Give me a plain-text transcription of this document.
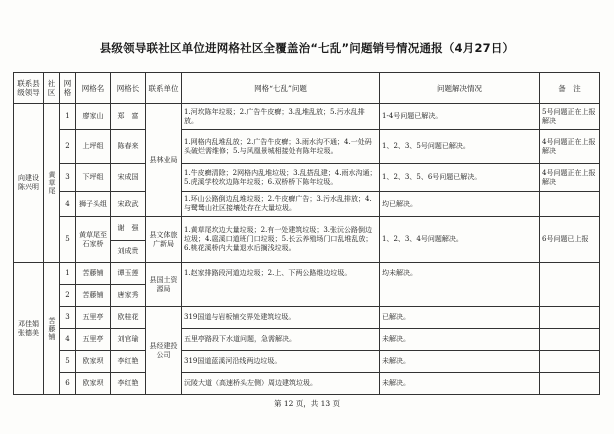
县级领导联社区单位进网格社区全覆盖治“七乱”问题销号情况通报（4月27日）
联系县级领导	社区	网格	网格名	网格长	联系单位	网格“七乱”问题	问题解决情况	备　注
向建设陈兴明	黄草尾	1	廖家山	郑　富	县林业局	1.河坎陈年垃圾；2.广告牛皮癣；3.乱堆乱放；5.污水乱排放。	1-4号问题已解决。	5号问题正在上报解决
		2	上坪组	陈春来		1.网格内乱堆乱放；2.广告牛皮癣；3.雨水沟不通；4.一处码头破烂需维修；5.与风凰景城相接处有陈年垃圾。	1、2、3、5号问题已解决。	4号问题正在上报解决
		3	下坪组	宋成国		1.牛皮癣清除；2网格内乱堆垃圾；3.乱搭乱建；4.雨水沟通；5.虎溪学校坎边陈年垃圾；6.双桥桥下陈年垃圾。	1、2、3、5、6号问题已解决。	4号问题正在上报解决
		4	狮子头组	宋政武		1.环山公路倒边乱堆垃圾；2.牛皮癣广告；3.污水乱排放；4.与鹭鸶山社区接壤处存在大量垃圾。	均已解决。	
		5	黄草尾至石家桥	谢　强	县文体旅广新局	1.黄草尾坎边大量垃圾；2.有一处建筑垃圾；3.张沅公路倒边垃圾；4.扈溪口道班门口垃圾；5.长云养殖场门口乱堆乱放；6.桃花溪桥内大量退水后搁浅垃圾。	1、2、3、4号问题解决。	6号问题已上报
				刘成贵				
邓佳娟张德美	苦藤铺	1	苦藤铺	谭玉莲	县国土资源局	1.赵家排路段河道边垃圾；2.上、下两公路维边垃圾。	均未解决。	
		2	苦藤铺	唐家秀				
		3	五里亭	欧桂花	县经建投公司	319国道与岩板铺交界处建筑垃圾。	已解决。	
		4	五里亭	刘官瑜		五里亭路段下水道问题，急需解决。	未解决。	
		5	欧家坝	李红艳		319国道蓝溪河沿线两边垃圾。	未解决。	
		6	欧家坝	李红艳		沅陵大道（高速桥头左侧）周边建筑垃圾。	未解决。	
第 12 页，共 13 页
